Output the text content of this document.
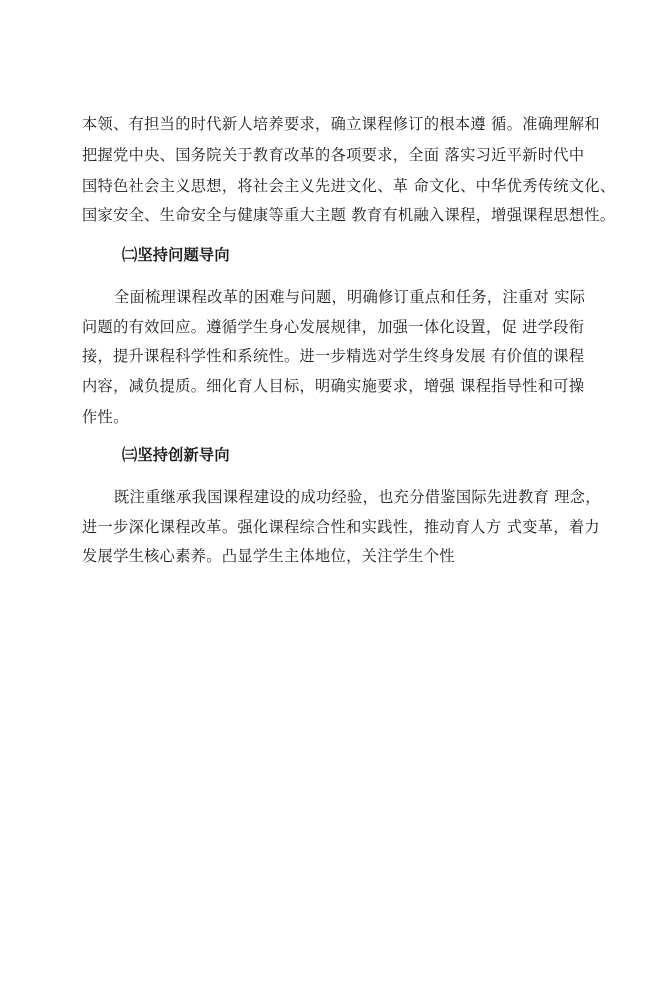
本领、有担当的时代新人培养要求，确立课程修订的根本遵 循。准确理解和
把握党中央、国务院关于教育改革的各项要求，全面 落实习近平新时代中
国特色社会主义思想，将社会主义先进文化、革 命文化、中华优秀传统文化、
国家安全、生命安全与健康等重大主题 教育有机融入课程，增强课程思想性。
㈡坚持问题导向
全面梳理课程改革的困难与问题，明确修订重点和任务，注重对 实际
问题的有效回应。遵循学生身心发展规律，加强一体化设置，促 进学段衔
接，提升课程科学性和系统性。进一步精选对学生终身发展 有价值的课程
内容，减负提质。细化育人目标，明确实施要求，增强 课程指导性和可操
作性。
㈢坚持创新导向
既注重继承我国课程建设的成功经验，也充分借鉴国际先进教育 理念，
进一步深化课程改革。强化课程综合性和实践性，推动育人方 式变革，着力
发展学生核心素养。凸显学生主体地位，关注学生个性
